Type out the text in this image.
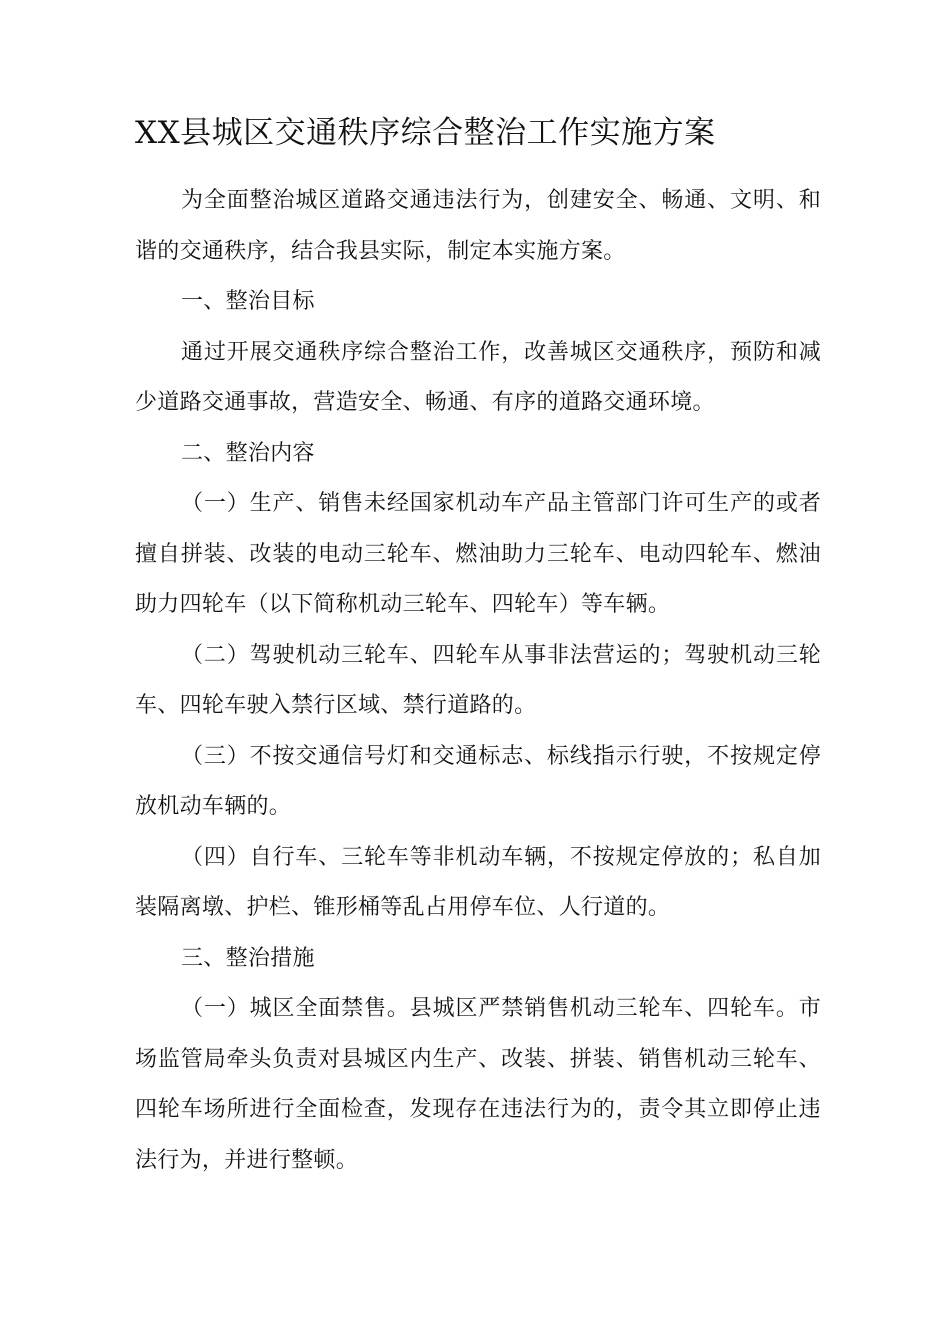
XX县城区交通秩序综合整治工作实施方案

为全面整治城区道路交通违法行为，创建安全、畅通、文明、和谐的交通秩序，结合我县实际，制定本实施方案。

一、整治目标

通过开展交通秩序综合整治工作，改善城区交通秩序，预防和减少道路交通事故，营造安全、畅通、有序的道路交通环境。

二、整治内容

（一）生产、销售未经国家机动车产品主管部门许可生产的或者擅自拼装、改装的电动三轮车、燃油助力三轮车、电动四轮车、燃油助力四轮车（以下简称机动三轮车、四轮车）等车辆。

（二）驾驶机动三轮车、四轮车从事非法营运的；驾驶机动三轮车、四轮车驶入禁行区域、禁行道路的。

（三）不按交通信号灯和交通标志、标线指示行驶，不按规定停放机动车辆的。

（四）自行车、三轮车等非机动车辆，不按规定停放的；私自加装隔离墩、护栏、锥形桶等乱占用停车位、人行道的。

三、整治措施

（一）城区全面禁售。县城区严禁销售机动三轮车、四轮车。市场监管局牵头负责对县城区内生产、改装、拼装、销售机动三轮车、四轮车场所进行全面检查，发现存在违法行为的，责令其立即停止违法行为，并进行整顿。
